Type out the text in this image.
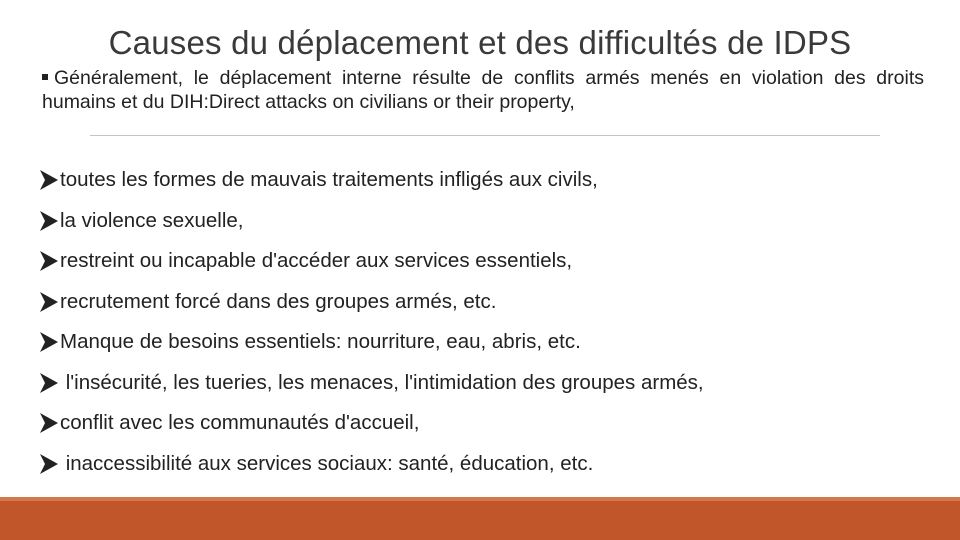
Causes du déplacement et des difficultés de IDPS
Généralement, le déplacement interne résulte de conflits armés menés en violation des droits humains et du DIH:Direct attacks on civilians or their property,
toutes les formes de mauvais traitements infligés aux civils,
la violence sexuelle,
restreint ou incapable d'accéder aux services essentiels,
recrutement forcé dans des groupes armés, etc.
Manque de besoins essentiels: nourriture, eau, abris, etc.
l'insécurité, les tueries, les menaces, l'intimidation des groupes armés,
conflit avec les communautés d'accueil,
inaccessibilité aux services sociaux: santé, éducation, etc.
